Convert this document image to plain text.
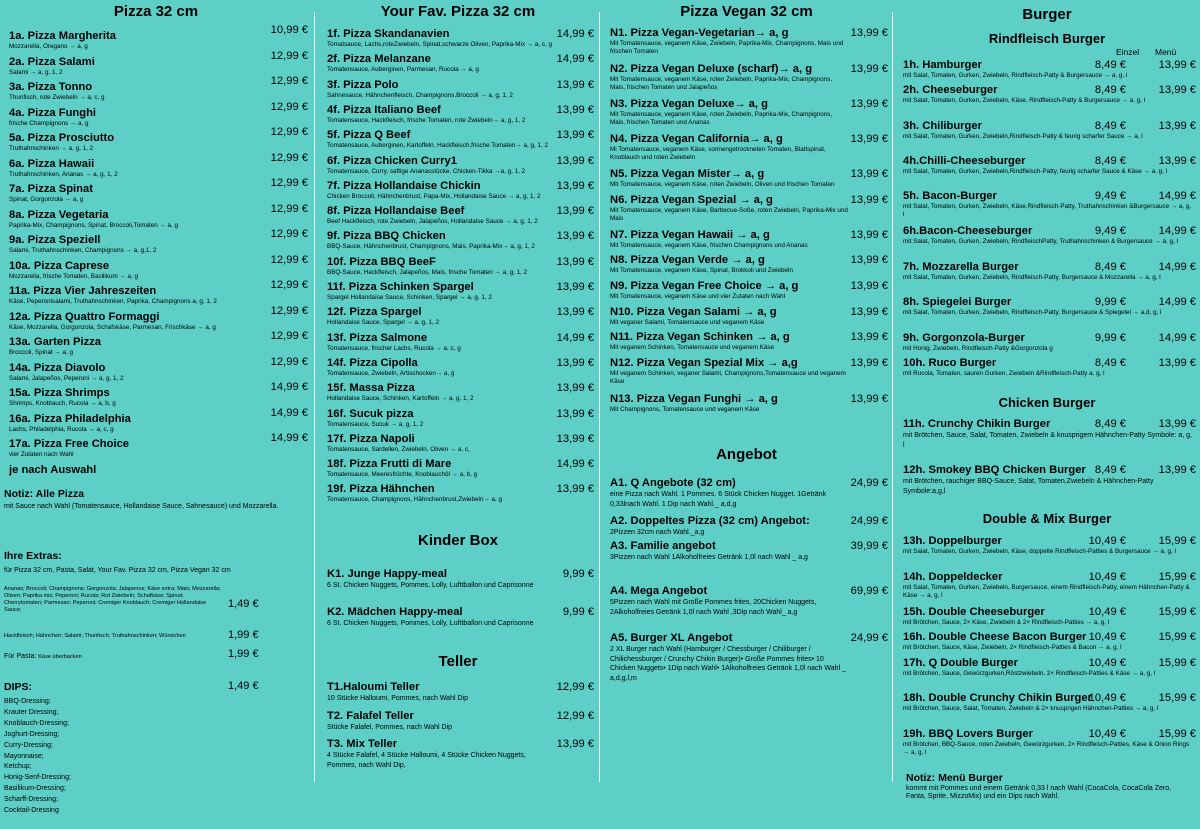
Pizza 32 cm
1a. Pizza Margherita
Mozzarella, Oregano → a, g
10,99 €
2a. Pizza Salami
Salami → a, g, 1, 2
12,99 €
3a. Pizza Tonno
Thunfisch, rote Zwiebeln → a, c, g
12,99 €
4a. Pizza Funghi
frische Champignons → a, g
12,99 €
5a. Pizza Prosciutto
Truthahnschinken → a, g, 1, 2
12,99 €
6a. Pizza Hawaii
Truthahnschinken, Ananas → a, g, 1, 2
12,99 €
7a. Pizza Spinat
Spinat, Gorgonzola → a, g
12,99 €
8a. Pizza Vegetaria
Paprika-Mix, Champignons, Spinat, Broccoli,Tomaten → a, g
12,99 €
9a. Pizza Speziell
Salami, Truthahnschinken, Champignons → a, g,1, 2
12,99 €
10a. Pizza Caprese
Mozzarella, frische Tomaten, Basilikum → a, g
12,99 €
11a. Pizza Vier Jahreszeiten
Käse, Peperonisalami, Truthahnschinken, Paprika, Champignons a, g, 1, 2
12,99 €
12a. Pizza Quattro Formaggi
Käse, Mozzarella, Gorgonzola, Schafskäse, Parmesan, Frischkäse → a, g
12,99 €
13a. Garten Pizza
Broccoli, Spinat → a, g
12,99 €
14a. Pizza Diavolo
Salami, Jalapeños, Peperoni → a, g, 1, 2
12,99 €
15a. Pizza Shrimps
Shrimps, Knoblauch, Rucola → a, b, g
14,99 €
16a. Pizza Philadelphia
Lachs, Philadelphia, Rucola → a, c, g
14,99 €
17a. Pizza Free Choice
vier Zutaten nach Wahl
14,99 €
je nach Auswahl
Notiz: Alle Pizza
mit Sauce nach Wahl (Tomatensauce, Hollandaise Sauce, Sahnesauce) und Mozzarella.
Ihre Extras:
für Pizza 32 cm, Pasta, Salat, Your Fav. Pizza 32 cm, Pizza Vegan 32 cm
Ananas; Broccoli; Champignons; Gorgonzola; Jalapenos; Käse extra; Mais; Mozzarella; Oliven; Paprika mix; Peperoni; Rucola; Rot Zwiebeln; Schafkäse; Spinat; Cherrytomaten; Parmesan; Peperoni; Cremiger Knoblauch; Cremiger Hollandaise Sauce;	1,49 €
Hackfleisch; Hähnchen; Salami; Thunfisch; Truthahnschinken; Würstchen	1,99 €
Für Pasta: Käse überbacken	1,99 €
DIPS:	1,49 €
BBQ-Dressing;
Krauter Dressing;
Knoblauch-Dressing;
Joghurt-Dressing;
Curry-Dressing;
Mayonnaise;
Ketchup;
Honig-Senf-Dressing;
Basilikum-Dressing;
Scharff-Dressing;
Cocktail-Dressing
Your Fav. Pizza 32 cm
1f. Pizza Skandanavien
Tomatsauce, Lachs,roteZwiebeln, Spinat,schwarze Oliven, Paprika-Mix → a, c, g
14,99 €
2f. Pizza Melanzane
Tomatensauce, Auberginen, Parmesan, Rucola → a, g
14,99 €
3f. Pizza Polo
Sahnesauce, Hähnchenfleisch, Champignons,Broccoli → a, g, 1, 2
13,99 €
4f. Pizza Italiano Beef
Tomatensauce, Hackfleisch, frische Tomaten, rote Zwiebeln→ a, g, 1, 2
13,99 €
5f. Pizza Q Beef
Tomatensauce, Auberginen, Kartoffeln, Hackfleisch,frische Tomaten→ a, g, 1, 2
13,99 €
6f. Pizza Chicken Curry1
Tomatensauce, Curry, saftige Ananasstücke, Chicken-Tikka →a, g, 1, 2
13,99 €
7f. Pizza Hollandaise Chickin
Chicken Broccoli, Hähnchenbrust, Papa-Mix, Hollandaise Sauce → a, g, 1, 2
13,99 €
8f. Pizza Hollandaise Beef
Beef Hackfleisch, rote Zwiebeln, Jalapeños, Hollandaise Sauce → a, g, 1, 2
13,99 €
9f. Pizza BBQ Chicken
BBQ-Sauce, Hähnchenbrust, Champignons, Mais, Paprika-Mix→ a, g, 1, 2
13,99 €
10f. Pizza BBQ BeeF
BBQ-Sauce, Hackfleisch, Jalapeños, Mais, frische Tomaten → a, g, 1, 2
13,99 €
11f. Pizza Schinken Spargel
Spargel Hollandaise Sauce, Schinken, Spargel → a, g, 1, 2
13,99 €
12f. Pizza Spargel
Hollandaise Sauce, Spargel → a, g, 1, 2
13,99 €
13f. Pizza Salmone
Tomatensauce, frischer Lachs, Rucola → a, c, g
14,99 €
14f. Pizza Cipolla
Tomatensauce, Zwiebeln, Artischocken→ a, g
13,99 €
15f. Massa Pizza
Hollandaise Sauce, Schinken, Kartoffeln → a, g, 1, 2
13,99 €
16f. Sucuk pizza
Tomatensauce, Sucuk → a, g, 1, 2
13,99 €
17f. Pizza Napoli
Tomatensauce, Sardellen, Zwiebeln, Oliven → a, c,
13,99 €
18f. Pizza Frutti di Mare
Tomatensauce, Meeresfrüchte, Knoblauchöl → a, b, g
14,99 €
19f. Pizza Hähnchen
Tomatensauce, Champignons, Hähnchenbrust,Zwiebeln→ a, g
13,99 €
Kinder Box
K1. Junge Happy-meal
6 St. Chicken Nuggets, Pommes, Lolly, Lufttballon und Caprisonne
9,99 €
K2. Mädchen Happy-meal
6 St. Chicken Nuggets, Pommes, Lolly, Lufttballon und Caprisonne
9,99 €
Teller
T1.Haloumi Teller
10 Stücke Halloumi, Pommes, nach Wahl Dip
12,99 €
T2. Falafel Teller
Stücke Falafel, Pommes, nach Wahl Dip
12,99 €
T3. Mix Teller
4 Stücke Falafel, 4 Stücke Halloumi, 4 Stücke Chicken Nuggets, Pommes, nach Wahl Dip,
13,99 €
Pizza Vegan 32 cm
N1. Pizza Vegan-Vegetarian→ a, g
Mit Tomatensauce, veganem Käse, Zwiebeln, Paprika-Mix, Champignons, Mais und frischen Tomaten
13,99 €
N2. Pizza Vegan Deluxe (scharf)→ a, g
Mit Tomatensauce, veganem Käse, roten Zwiebeln, Paprika-Mix, Champignons, Mais, frischen Tomaten und Jalapeños
13,99 €
N3. Pizza Vegan Deluxe→ a, g
Mit Tomatensauce, veganem Käse, roten Zwiebeln, Paprika-Mix, Champignons, Mais, frischen Tomaten und Ananas
13,99 €
N4. Pizza Vegan California→ a, g
Mi Tomatensauce, veganem Käse, sonnengetrockneten Tomaten, Blattspinat, Knoblauch und roten Zwiebeln
13,99 €
N5. Pizza Vegan Mister→ a, g
Mit Tomatensauce, veganem Käse, roten Zwiebeln, Oliven und frischen Tomaten
13,99 €
N6. Pizza Vegan Spezial → a, g
Mit Tomatensauce, veganem Käse, Barbecue-Soße, roten Zwiebeln, Paprika-Mix und Mais
13,99 €
N7. Pizza Vegan Hawaii → a, g
Mit Tomatensauce, veganem Käse, frischen Champignons und Ananas
13,99 €
N8. Pizza Vegan Verde → a, g
Mit Tomatensauce, veganem Käse, Spinat, Brokkoli und Zwiebeln
13,99 €
N9. Pizza Vegan Free Choice → a, g
Mit Tomatensauce, veganem Käse und vier Zutaten nach Wahl
13,99 €
N10. Pizza Vegan Salami → a, g
Mit veganer Salami, Tomatensauce und veganem Käse
13,99 €
N11. Pizza Vegan Schinken → a, g
Mit veganem Schinken, Tomatensauce und veganem Käse
13,99 €
N12. Pizza Vegan Spezial Mix → a,g
Mit veganem Schinken, veganer Salami, Champignons,Tomatensauce und veganem Käse
13,99 €
N13. Pizza Vegan Funghi → a, g
Mit Champignons, Tomatensauce und veganem Käse
13,99 €
Angebot
A1. Q Angebote (32 cm)
eine Pizza nach Wahl. 1 Pommes. 6 Stück Chicken Nugget. 1Getränk 0,33lnach Wahl. 1 Dip nach Wahl._ a,d,g
24,99 €
A2. Doppeltes Pizza (32 cm) Angebot:
2Pizzen 32cm nach Wahl._a,g
24,99 €
A3. Familie angebot
3Pizzen nach Wahl 1Alkoholfreies Getränk 1,0l nach Wahl _ a,g
39,99 €
A4. Mega Angebot
5Pizzen nach Wahl mit Große Pommes frites, 20Chicken Nuggets, 2Alkoholfreies Getränk 1,0l nach Wahl ,3Dip nach Wahl_ a,g
69,99 €
A5. Burger XL Angebot
2 XL Burger nach Wahl (Hamburger / Chessburger / Chiliburger / Chilichessburger / Crunchy Chikin Burger)• Große Pommes frites• 10 Chicken Nuggets• 1Dip nach Wahl• 1Alkoholfreies Getränk 1,0l nach Wahl _ a,d,g,l,m
24,99 €
Burger
Rindfleisch Burger
Einzel Menü
1h. Hamburger
mit Salat, Tomaten, Gurken, Zwiebeln, Rindfleisch-Patty & Burgersauce → a, g, l
8,49 €	13,99 €
2h. Cheeseburger
mit Salat, Tomaten, Gurken, Zwiebeln, Käse, Rindfleisch-Patty & Burgersauce → a, g, l
8,49 €	13,99 €
3h. Chiliburger
mit Salat, Tomaten, Gurken, Zwiebeln,Rindfleisch-Patty & feurig scharfer Sauce → a, l
8,49 €	13,99 €
4h.Chilli-Cheeseburger
mit Salat, Tomaten, Gurken, Zwiebeln,Rindfleisch-Patty, feurig scharfer Sauce & Käse → a, g, l
8,49 €	13,99 €
5h. Bacon-Burger
mit Salat, Tomaten, Gurken, Zwiebeln, Käse,Rindfleisch-Patty, Truthahnschinken &Burgersauce → a, g, l
9,49 €	14,99 €
6h.Bacon-Cheeseburger
mit Salat, Tomaten, Gurken, Zwiebeln, RindfleischPatty, Truthahnschinken & Burgersauce → a, g, l
9,49 €	14,99 €
7h. Mozzarella Burger
mit Salat, Tomaten, Gurken, Zwiebeln, Rindfleisch-Patty, Burgersauce & Mozzarella → a, g, l
8,49 €	14,99 €
8h. Spiegelei Burger
mit Salat, Tomaten, Gurken, Zwiebeln, Rindfleisch-Patty, Burgersauce & Spiegelei → a,d, g, l
9,99 €	14,99 €
9h. Gorgonzola-Burger
mit Honig, Zwiebeln, Rindfleisch-Patty &Gorgonzola g
9,99 €	14,99 €
10h. Ruco Burger
mit Rucola, Tomaten, sauren Gurken, Zwiebeln &Rindfleisch-Patty a, g, l
8,49 €	13,99 €
Chicken Burger
11h. Crunchy Chikin Burger
mit Brötchen, Sauce, Salat, Tomaten, Zwiebeln & knusprigem Hähnchen-Patty Symbole: a, g, l
8,49 €	13,99 €
12h. Smokey BBQ Chicken Burger
mit Brötchen, rauchiger BBQ-Sauce, Salat, Tomaten,Zwiebeln & Hähnchen-Patty Symbole:a,g,l
8,49 €	13,99 €
Double & Mix Burger
13h. Doppelburger
mit Salat, Tomaten, Gurken, Zwiebeln, Käse, doppelte Rindfleisch-Patties & Burgersauce → a, g, l
10,49 €	15,99 €
14h. Doppeldecker
mit Salat, Tomaten, Gurken, Zwiebeln, Burgersauce, einem Rindfleisch-Patty, einem Hähnchen-Patty & Käse → a, g, l
10,49 €	15,99 €
15h. Double Cheeseburger
mit Brötchen, Sauce, 2× Käse, Zwiebeln & 2× Rindfleisch-Patties → a, g, l
10,49 €	15,99 €
16h. Double Cheese Bacon Burger
mit Brötchen, Sauce, Käse, Zwiebeln, 2× Rindfleisch-Patties & Bacon → a, g, l
10,49 €	15,99 €
17h. Q Double Burger
mit Brötchen, Sauce, Gewürzgurken,Röstzwiebeln, 2× Rindfleisch-Patties & Käse → a, g, l
10,49 €	15,99 €
18h. Double Crunchy Chikin Burger
mit Brötchen, Sauce, Salat, Tomaten, Zwiebeln & 2× knusprigen Hähnchen-Patties → a, g, l
10,49 €	15,99 €
19h. BBQ Lovers Burger
mit Brötchen, BBQ-Sauce, roten Zwiebeln, Gewürzgurken, 2× Rindfleisch-Patties, Käse & Onion Rings → a, g, l
10,49 €	15,99 €
Notiz: Menü Burger
kommt mit Pommes und einem Getränk 0,33 l nach Wahl (CocaCola, CocaCola Zero, Fanta, Sprite, MizzoMix) und ein Dips nach Wahl.
